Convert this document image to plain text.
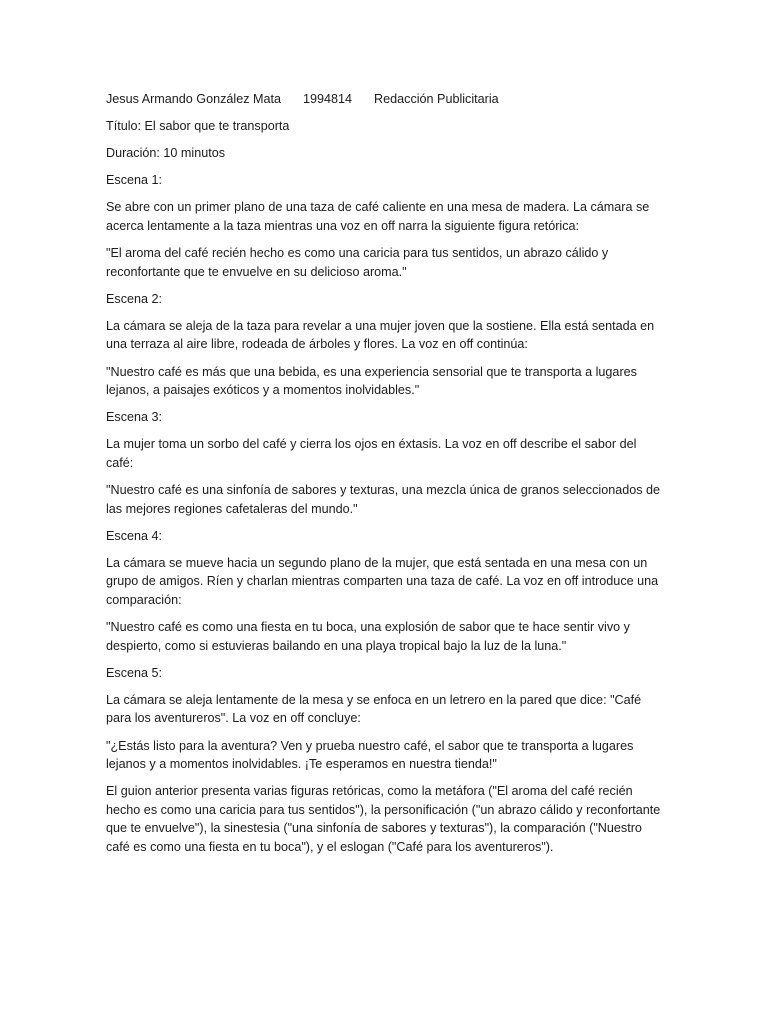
Jesus Armando González Mata 1994814 Redacción Publicitaria

Título: El sabor que te transporta

Duración: 10 minutos

Escena 1:

Se abre con un primer plano de una taza de café caliente en una mesa de madera. La cámara se acerca lentamente a la taza mientras una voz en off narra la siguiente figura retórica:

"El aroma del café recién hecho es como una caricia para tus sentidos, un abrazo cálido y reconfortante que te envuelve en su delicioso aroma."

Escena 2:

La cámara se aleja de la taza para revelar a una mujer joven que la sostiene. Ella está sentada en una terraza al aire libre, rodeada de árboles y flores. La voz en off continúa:

"Nuestro café es más que una bebida, es una experiencia sensorial que te transporta a lugares lejanos, a paisajes exóticos y a momentos inolvidables."

Escena 3:

La mujer toma un sorbo del café y cierra los ojos en éxtasis. La voz en off describe el sabor del café:

"Nuestro café es una sinfonía de sabores y texturas, una mezcla única de granos seleccionados de las mejores regiones cafetaleras del mundo."

Escena 4:

La cámara se mueve hacia un segundo plano de la mujer, que está sentada en una mesa con un grupo de amigos. Ríen y charlan mientras comparten una taza de café. La voz en off introduce una comparación:

"Nuestro café es como una fiesta en tu boca, una explosión de sabor que te hace sentir vivo y despierto, como si estuvieras bailando en una playa tropical bajo la luz de la luna."

Escena 5:

La cámara se aleja lentamente de la mesa y se enfoca en un letrero en la pared que dice: "Café para los aventureros". La voz en off concluye:

"¿Estás listo para la aventura? Ven y prueba nuestro café, el sabor que te transporta a lugares lejanos y a momentos inolvidables. ¡Te esperamos en nuestra tienda!"

El guion anterior presenta varias figuras retóricas, como la metáfora ("El aroma del café recién hecho es como una caricia para tus sentidos"), la personificación ("un abrazo cálido y reconfortante que te envuelve"), la sinestesia ("una sinfonía de sabores y texturas"), la comparación ("Nuestro café es como una fiesta en tu boca"), y el eslogan ("Café para los aventureros").
